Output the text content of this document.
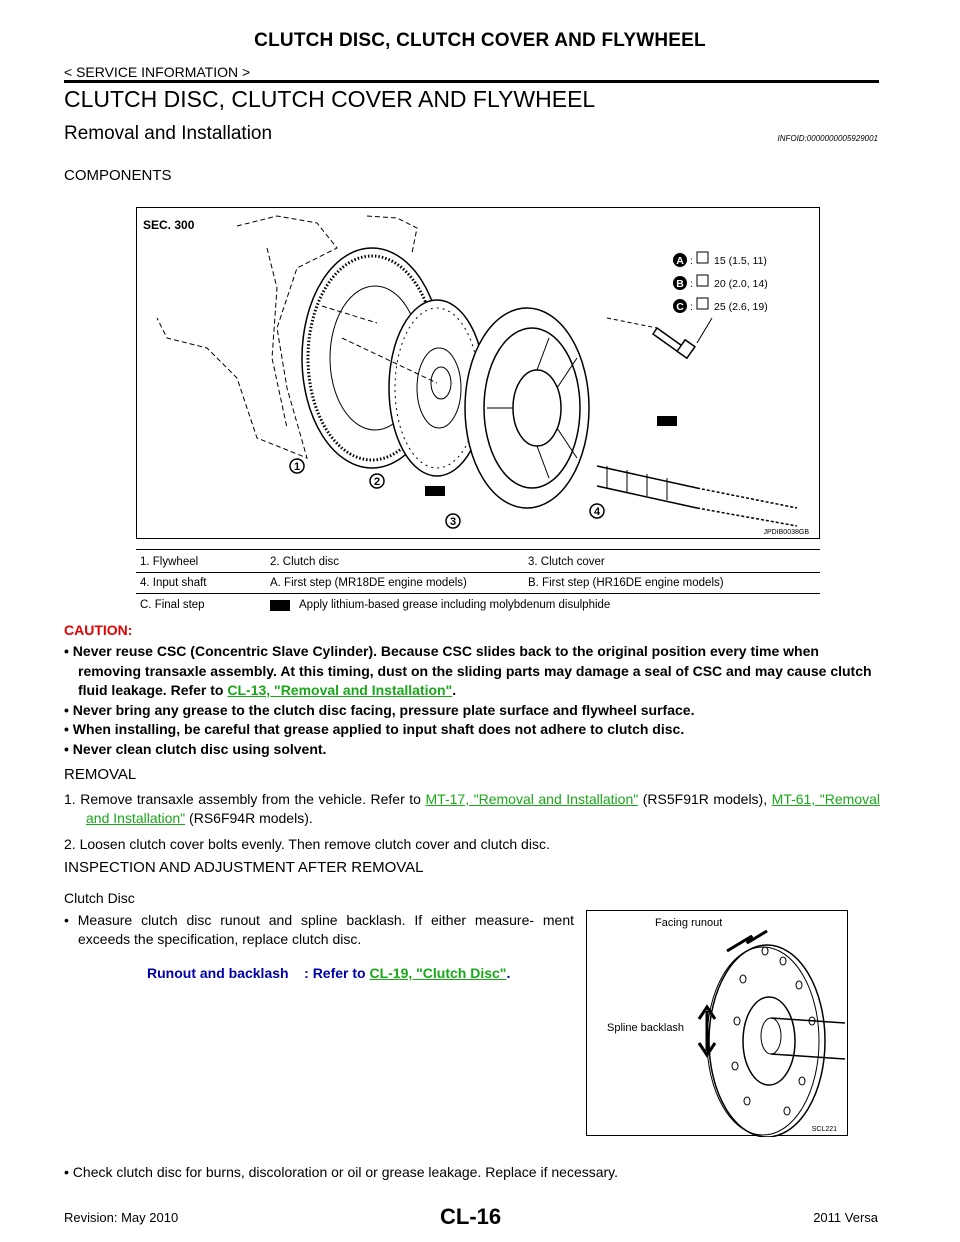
CLUTCH DISC, CLUTCH COVER AND FLYWHEEL
< SERVICE INFORMATION >
CLUTCH DISC, CLUTCH COVER AND FLYWHEEL
Removal and Installation	INFOID:0000000005929001
COMPONENTS
SEC. 300
1
2
3
4
A : 15 (1.5, 11)
B : 20 (2.0, 14)
C : 25 (2.6, 19)
JPDIB0038GB
1. Flywheel	2. Clutch disc	3. Clutch cover
4. Input shaft	A. First step (MR18DE engine models)	B. First step (HR16DE engine models)
C. Final step	Apply lithium-based grease including molybdenum disulphide
CAUTION:
• Never reuse CSC (Concentric Slave Cylinder). Because CSC slides back to the original position every time when removing transaxle assembly. At this timing, dust on the sliding parts may damage a seal of CSC and may cause clutch fluid leakage. Refer to CL-13, "Removal and Installation".
• Never bring any grease to the clutch disc facing, pressure plate surface and flywheel surface.
• When installing, be careful that grease applied to input shaft does not adhere to clutch disc.
• Never clean clutch disc using solvent.
REMOVAL
1. Remove transaxle assembly from the vehicle. Refer to MT-17, "Removal and Installation" (RS5F91R models), MT-61, "Removal and Installation" (RS6F94R models).
2. Loosen clutch cover bolts evenly. Then remove clutch cover and clutch disc.
INSPECTION AND ADJUSTMENT AFTER REMOVAL
Clutch Disc
• Measure clutch disc runout and spline backlash. If either measure- ment exceeds the specification, replace clutch disc.
Runout and backlash : Refer to CL-19, "Clutch Disc".
Facing runout
Spline backlash
SCL221
• Check clutch disc for burns, discoloration or oil or grease leakage. Replace if necessary.
Revision: May 2010	CL-16	2011 Versa
